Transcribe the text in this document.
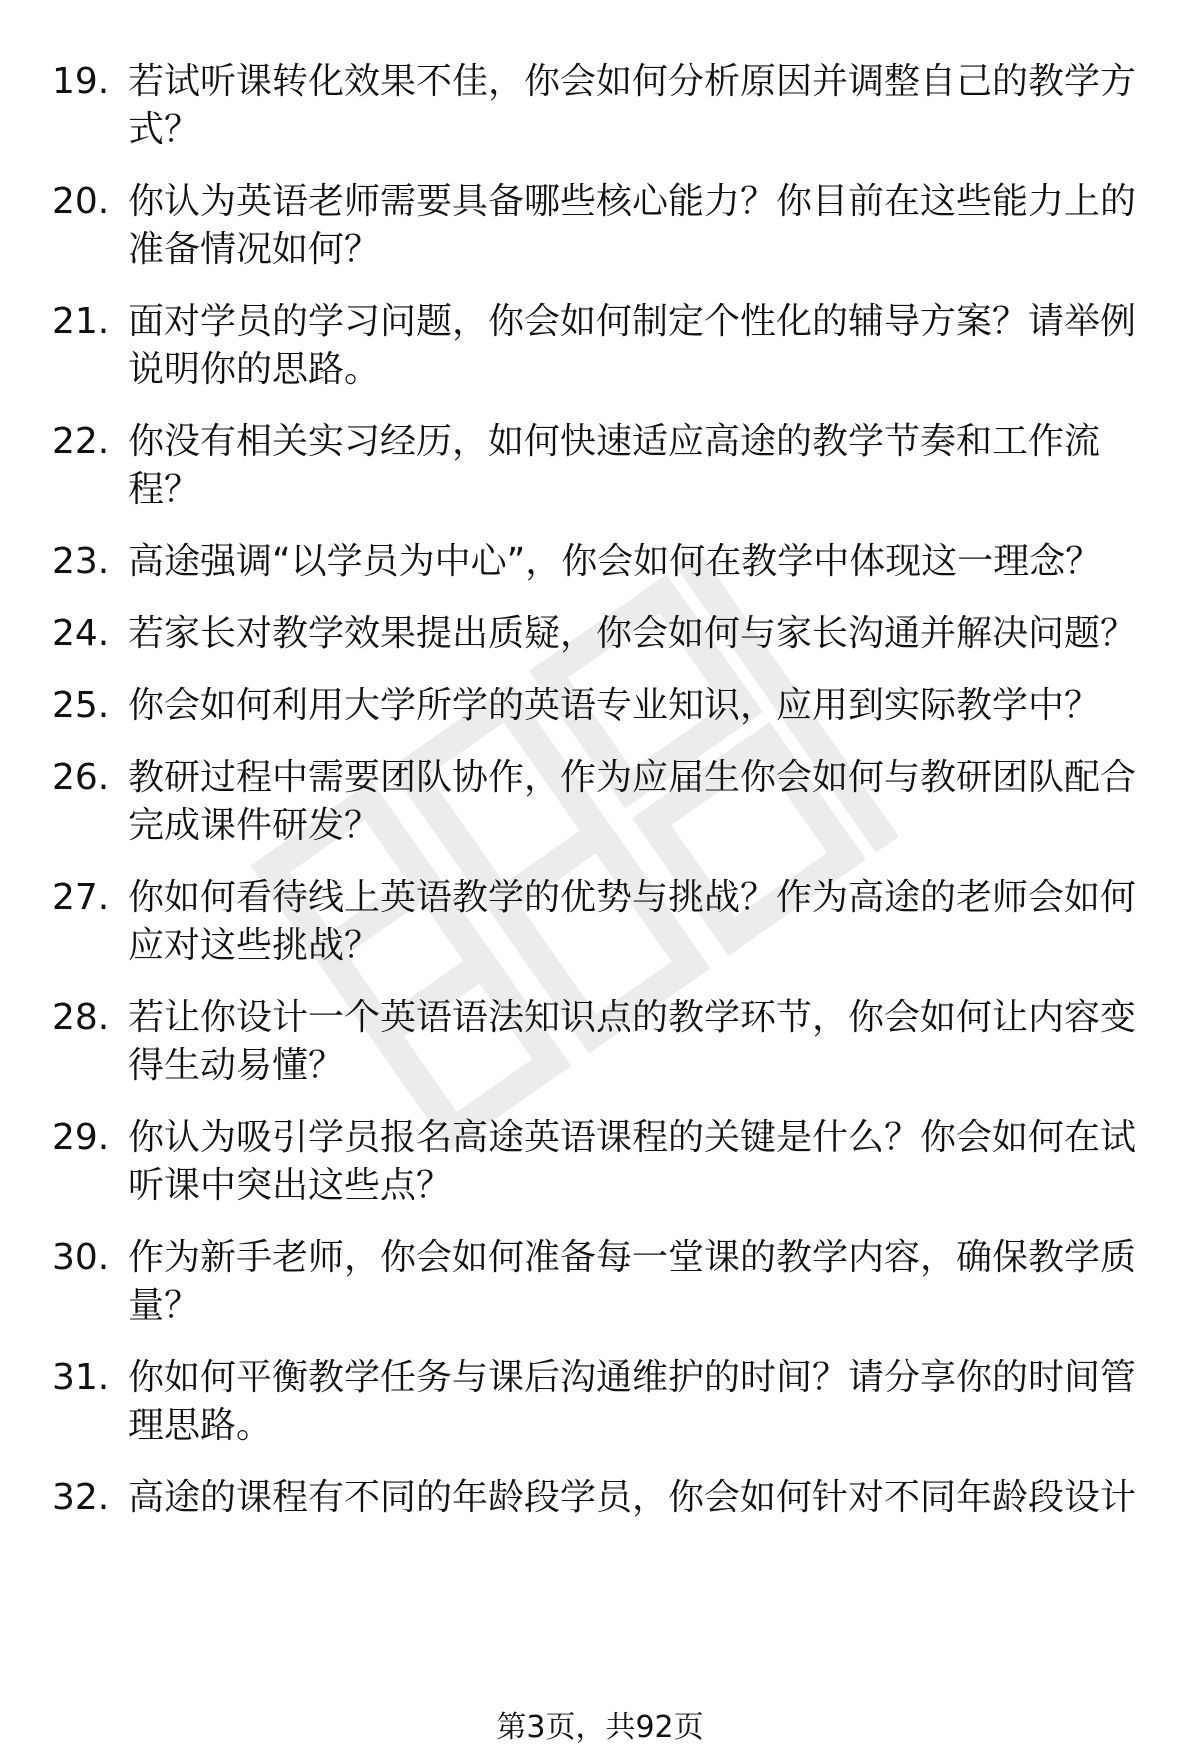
19. 若试听课转化效果不佳，你会如何分析原因并调整自己的教学方式？
20. 你认为英语老师需要具备哪些核心能力？你目前在这些能力上的准备情况如何？
21. 面对学员的学习问题，你会如何制定个性化的辅导方案？请举例说明你的思路。
22. 你没有相关实习经历，如何快速适应高途的教学节奏和工作流程？
23. 高途强调“以学员为中心”，你会如何在教学中体现这一理念？
24. 若家长对教学效果提出质疑，你会如何与家长沟通并解决问题？
25. 你会如何利用大学所学的英语专业知识，应用到实际教学中？
26. 教研过程中需要团队协作，作为应届生你会如何与教研团队配合完成课件研发？
27. 你如何看待线上英语教学的优势与挑战？作为高途的老师会如何应对这些挑战？
28. 若让你设计一个英语语法知识点的教学环节，你会如何让内容变得生动易懂？
29. 你认为吸引学员报名高途英语课程的关键是什么？你会如何在试听课中突出这些点？
30. 作为新手老师，你会如何准备每一堂课的教学内容，确保教学质量？
31. 你如何平衡教学任务与课后沟通维护的时间？请分享你的时间管理思路。
32. 高途的课程有不同的年龄段学员，你会如何针对不同年龄段设计
第3页，共92页
